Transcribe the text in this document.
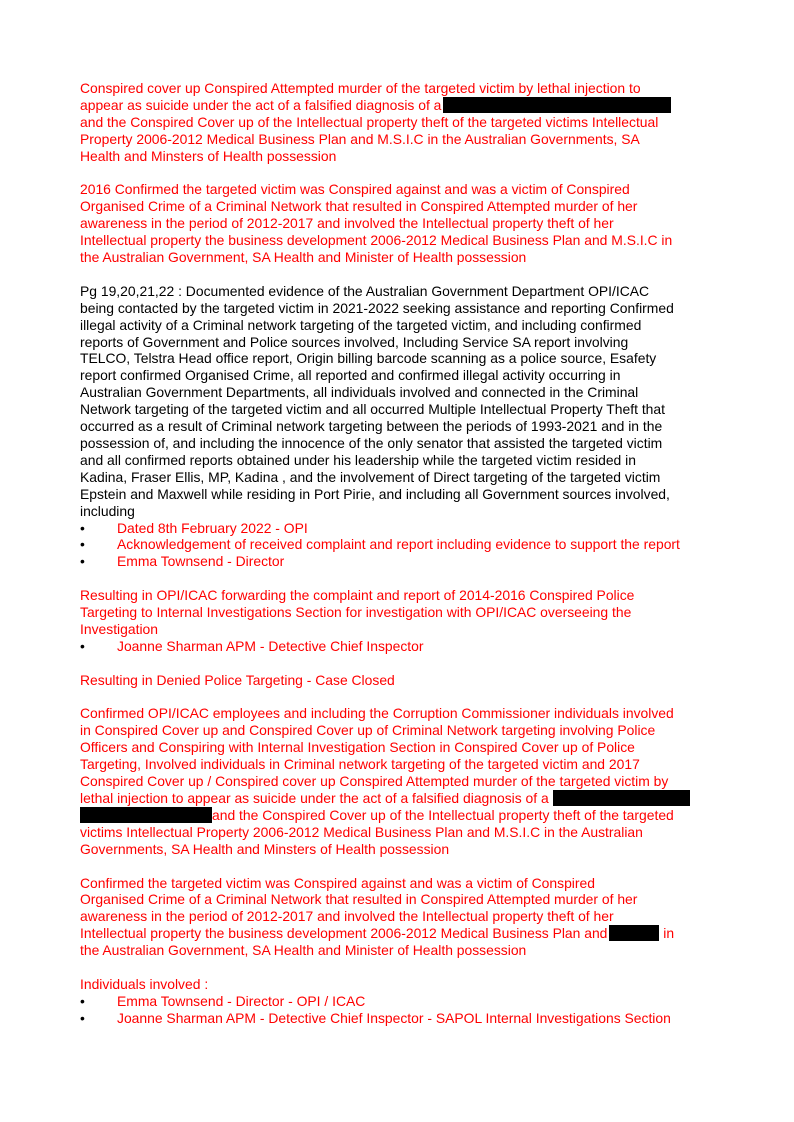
Conspired cover up Conspired Attempted murder of the targeted victim by lethal injection to
appear as suicide under the act of a falsified diagnosis of a
and the Conspired Cover up of the Intellectual property theft of the targeted victims Intellectual
Property 2006-2012 Medical Business Plan and M.S.I.C in the Australian Governments, SA
Health and Minsters of Health possession

2016 Confirmed the targeted victim was Conspired against and was a victim of Conspired
Organised Crime of a Criminal Network that resulted in Conspired Attempted murder of her
awareness in the period of 2012-2017 and involved the Intellectual property theft of her
Intellectual property the business development 2006-2012 Medical Business Plan and M.S.I.C in
the Australian Government, SA Health and Minister of Health possession

Pg 19,20,21,22 : Documented evidence of the Australian Government Department OPI/ICAC
being contacted by the targeted victim in 2021-2022 seeking assistance and reporting Confirmed
illegal activity of a Criminal network targeting of the targeted victim, and including confirmed
reports of Government and Police sources involved, Including Service SA report involving
TELCO, Telstra Head office report, Origin billing barcode scanning as a police source, Esafety
report confirmed Organised Crime, all reported and confirmed illegal activity occurring in
Australian Government Departments, all individuals involved and connected in the Criminal
Network targeting of the targeted victim and all occurred Multiple Intellectual Property Theft that
occurred as a result of Criminal network targeting between the periods of 1993-2021 and in the
possession of, and including the innocence of the only senator that assisted the targeted victim
and all confirmed reports obtained under his leadership while the targeted victim resided in
Kadina, Fraser Ellis, MP, Kadina , and the involvement of Direct targeting of the targeted victim
Epstein and Maxwell while residing in Port Pirie, and including all Government sources involved,
including

•	Dated 8th February 2022 - OPI
•	Acknowledgement of received complaint and report including evidence to support the report
•	Emma Townsend - Director

Resulting in OPI/ICAC forwarding the complaint and report of 2014-2016 Conspired Police
Targeting to Internal Investigations Section for investigation with OPI/ICAC overseeing the
Investigation

•	Joanne Sharman APM - Detective Chief Inspector

Resulting in Denied Police Targeting - Case Closed

Confirmed OPI/ICAC employees and including the Corruption Commissioner individuals involved
in Conspired Cover up and Conspired Cover up of Criminal Network targeting involving Police
Officers and Conspiring with Internal Investigation Section in Conspired Cover up of Police
Targeting, Involved individuals in Criminal network targeting of the targeted victim and 2017
Conspired Cover up / Conspired cover up Conspired Attempted murder of the targeted victim by
lethal injection to appear as suicide under the act of a falsified diagnosis of a
and the Conspired Cover up of the Intellectual property theft of the targeted
victims Intellectual Property 2006-2012 Medical Business Plan and M.S.I.C in the Australian
Governments, SA Health and Minsters of Health possession

Confirmed the targeted victim was Conspired against and was a victim of Conspired
Organised Crime of a Criminal Network that resulted in Conspired Attempted murder of her
awareness in the period of 2012-2017 and involved the Intellectual property theft of her
Intellectual property the business development 2006-2012 Medical Business Plan and	in
the Australian Government, SA Health and Minister of Health possession

Individuals involved :

•	Emma Townsend - Director - OPI / ICAC
•	Joanne Sharman APM - Detective Chief Inspector - SAPOL Internal Investigations Section
